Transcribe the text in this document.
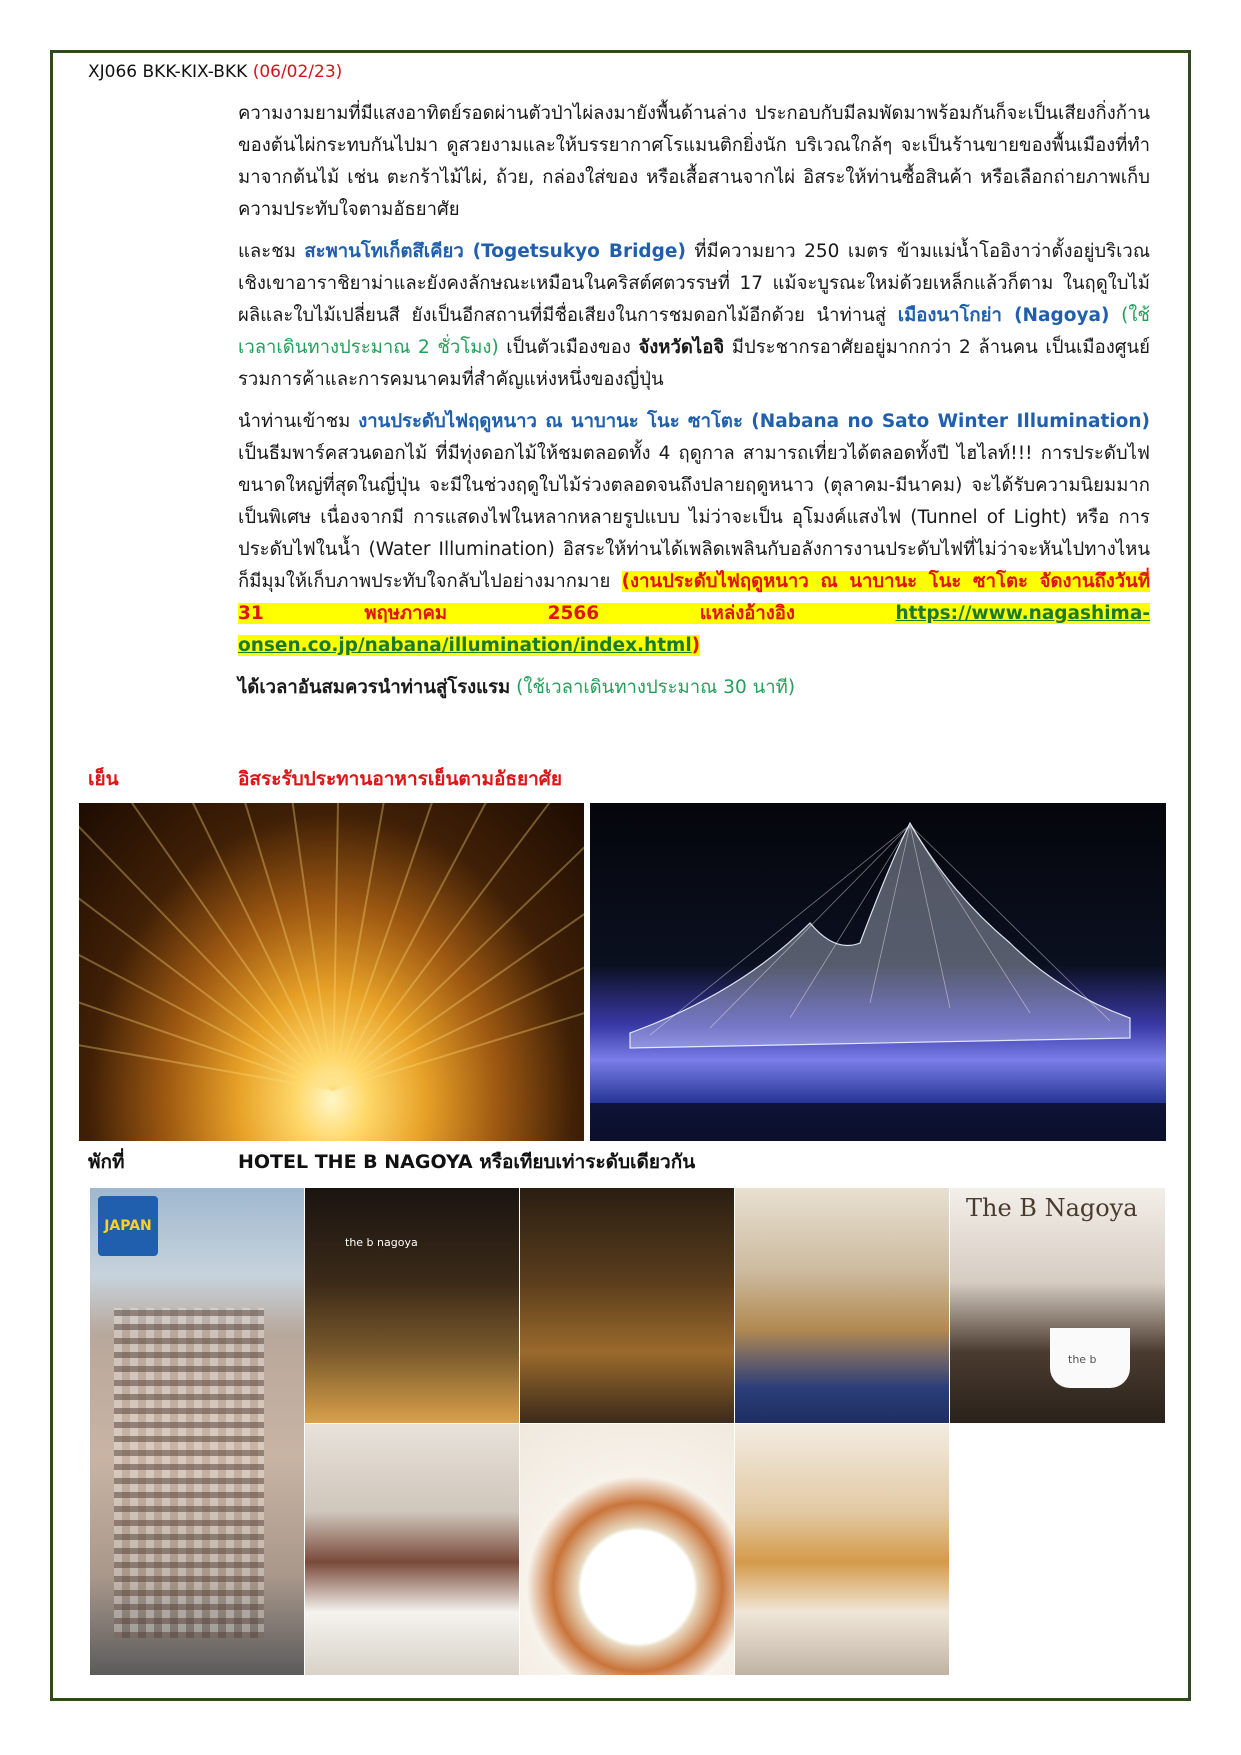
XJ066 BKK-KIX-BKK (06/02/23)

ความงามยามที่มีแสงอาทิตย์รอดผ่านตัวป่าไผ่ลงมายังพื้นด้านล่าง ประกอบกับมีลมพัดมาพร้อมกันก็จะเป็นเสียงกิ่งก้านของต้นไผ่กระทบกันไปมา ดูสวยงามและให้บรรยากาศโรแมนติกยิ่งนัก บริเวณใกล้ๆ จะเป็นร้านขายของพื้นเมืองที่ทำมาจากต้นไม้ เช่น ตะกร้าไม้ไผ่, ถ้วย, กล่องใส่ของ หรือเสื้อสานจากไผ่ อิสระให้ท่านซื้อสินค้า หรือเลือกถ่ายภาพเก็บความประทับใจตามอัธยาศัย

และชม สะพานโทเก็ตสึเคียว (Togetsukyo Bridge) ที่มีความยาว 250 เมตร ข้ามแม่น้ำโออิงาว่าตั้งอยู่บริเวณเชิงเขาอาราชิยาม่าและยังคงลักษณะเหมือนในคริสต์ศตวรรษที่ 17 แม้จะบูรณะใหม่ด้วยเหล็กแล้วก็ตาม ในฤดูใบไม้ผลิและใบไม้เปลี่ยนสี ยังเป็นอีกสถานที่มีชื่อเสียงในการชมดอกไม้อีกด้วย นำท่านสู่ เมืองนาโกย่า (Nagoya) (ใช้เวลาเดินทางประมาณ 2 ชั่วโมง) เป็นตัวเมืองของ จังหวัดไอจิ มีประชากรอาศัยอยู่มากกว่า 2 ล้านคน เป็นเมืองศูนย์รวมการค้าและการคมนาคมที่สำคัญแห่งหนึ่งของญี่ปุ่น

นำท่านเข้าชม งานประดับไฟฤดูหนาว ณ นาบานะ โนะ ซาโตะ (Nabana no Sato Winter Illumination) เป็นธีมพาร์คสวนดอกไม้ ที่มีทุ่งดอกไม้ให้ชมตลอดทั้ง 4 ฤดูกาล สามารถเที่ยวได้ตลอดทั้งปี ไฮไลท์!!! การประดับไฟขนาดใหญ่ที่สุดในญี่ปุ่น จะมีในช่วงฤดูใบไม้ร่วงตลอดจนถึงปลายฤดูหนาว (ตุลาคม-มีนาคม) จะได้รับความนิยมมากเป็นพิเศษ เนื่องจากมี การแสดงไฟในหลากหลายรูปแบบ ไม่ว่าจะเป็น อุโมงค์แสงไฟ (Tunnel of Light) หรือ การประดับไฟในน้ำ (Water Illumination) อิสระให้ท่านได้เพลิดเพลินกับอลังการงานประดับไฟที่ไม่ว่าจะหันไปทางไหนก็มีมุมให้เก็บภาพประทับใจกลับไปอย่างมากมาย (งานประดับไฟฤดูหนาว ณ นาบานะ โนะ ซาโตะ จัดงานถึงวันที่ 31 พฤษภาคม 2566 แหล่งอ้างอิง https://www.nagashima-onsen.co.jp/nabana/illumination/index.html)

ได้เวลาอันสมควรนำท่านสู่โรงแรม (ใช้เวลาเดินทางประมาณ 30 นาที)

เย็น	อิสระรับประทานอาหารเย็นตามอัธยาศัย
พักที่	HOTEL THE B NAGOYA หรือเทียบเท่าระดับเดียวกัน
JAPAN
the b nagoya
The B Nagoya
the b
